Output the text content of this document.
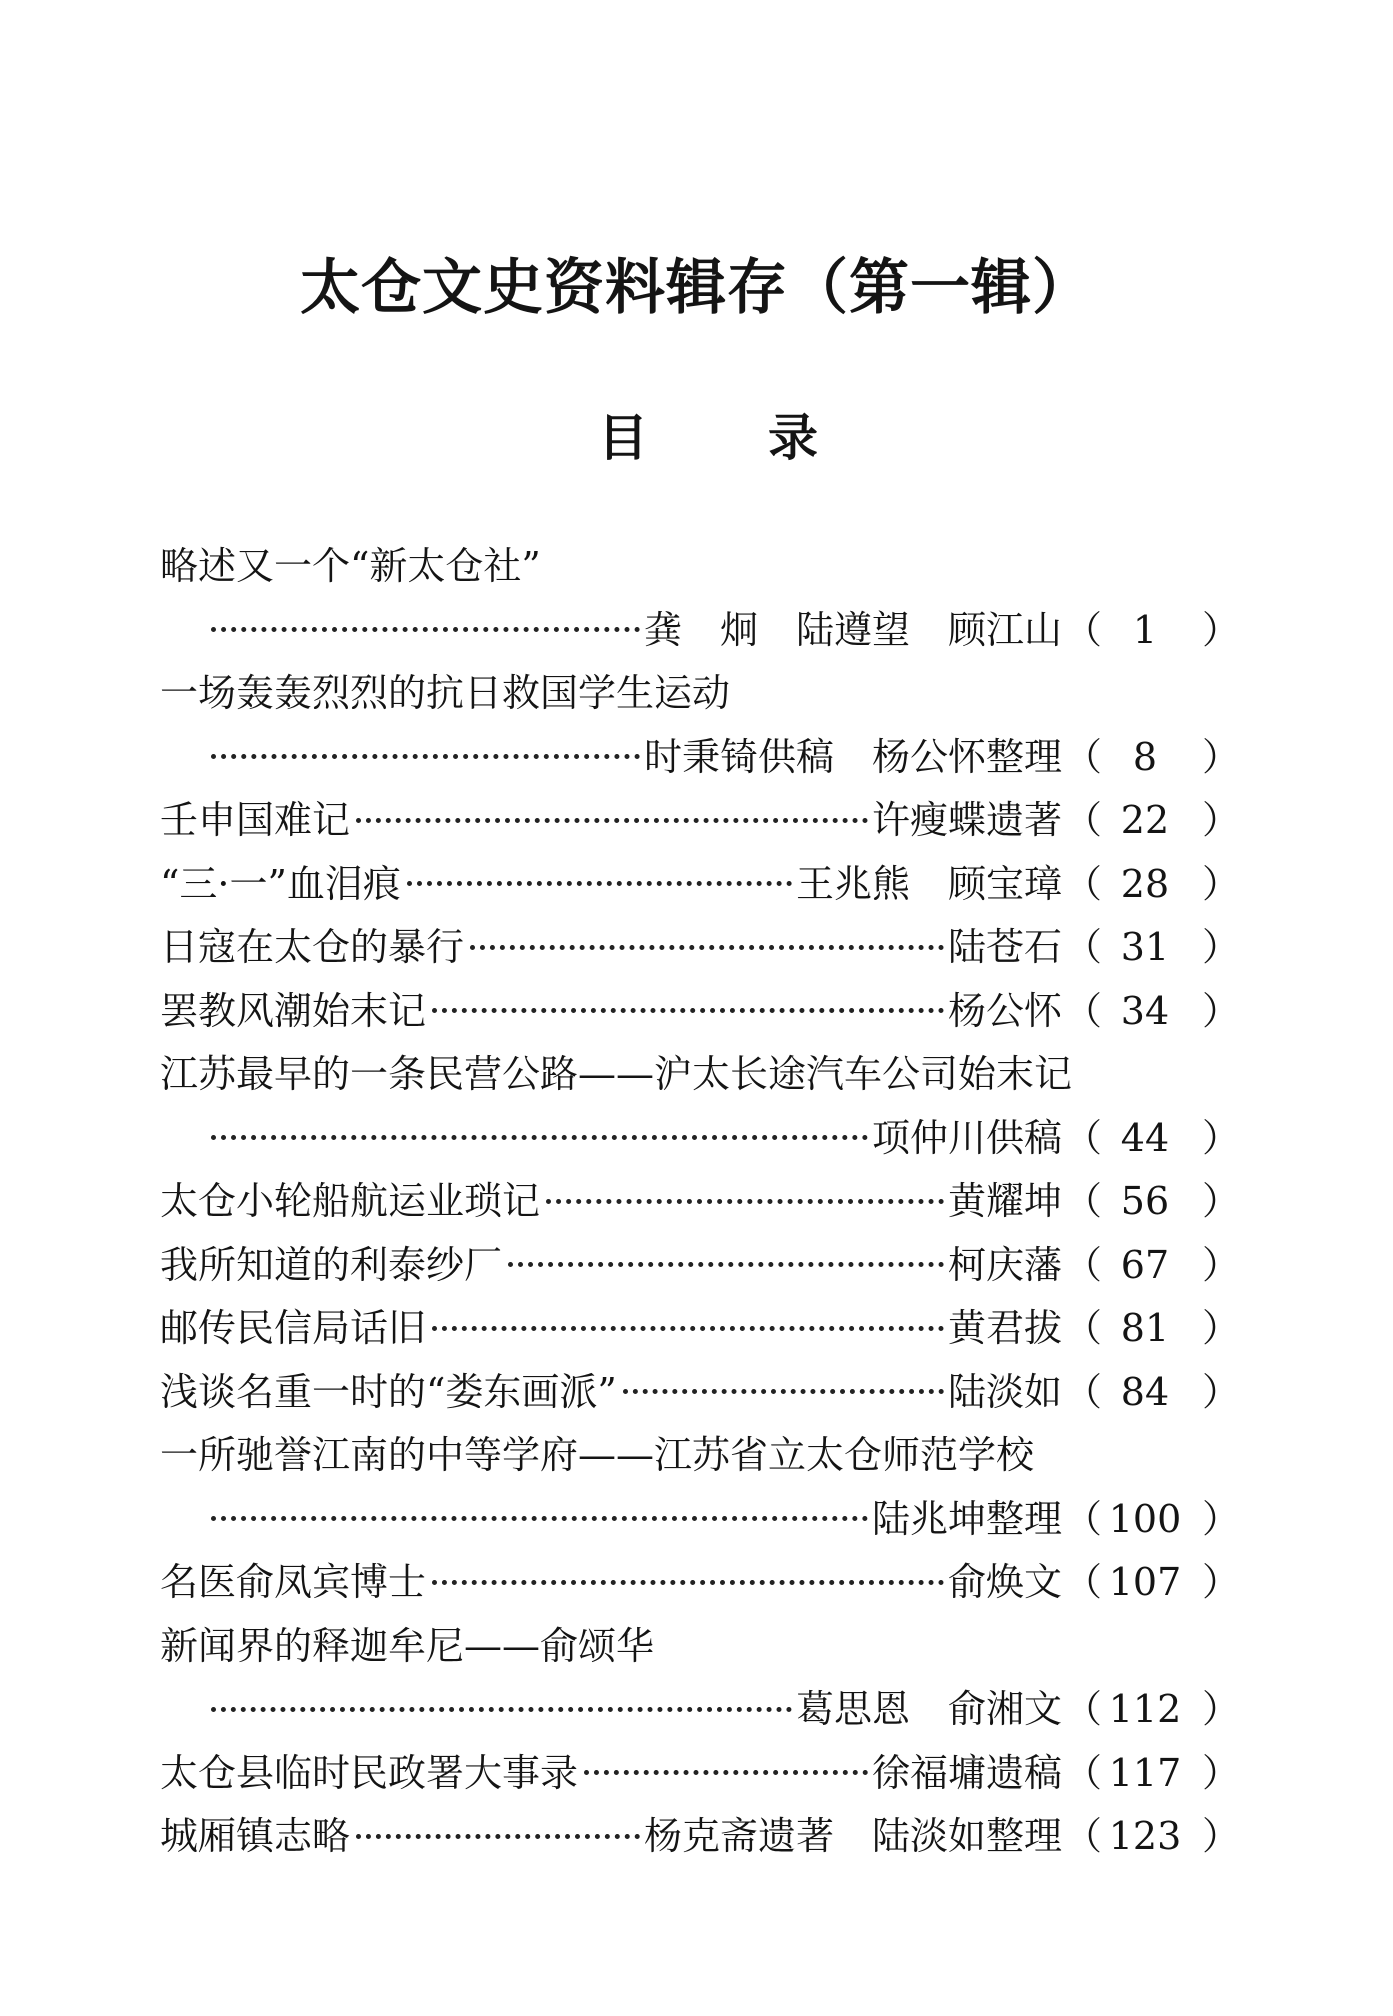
太仓文史资料辑存（第一辑）
目 录
略述又一个“新太仓社”
龚　炯　陆遵望　顾江山 （ 1	）
一场轰轰烈烈的抗日救国学生运动
时秉锜供稿　杨公怀整理 （ 8	）
壬申国难记	许瘦蝶遗著 （ 22 ）
“三·一”血泪痕	王兆熊　顾宝璋 （ 28 ）
日寇在太仓的暴行	陆苍石 （ 31 ）
罢教风潮始末记	杨公怀 （ 34 ）
江苏最早的一条民营公路——沪太长途汽车公司始末记
项仲川供稿 （ 44 ）
太仓小轮船航运业琐记	黄耀坤 （ 56 ）
我所知道的利泰纱厂	柯庆藩 （ 67 ）
邮传民信局话旧	黄君拔 （ 81 ）
浅谈名重一时的“娄东画派”	陆淡如 （ 84 ）
一所驰誉江南的中等学府——江苏省立太仓师范学校
陆兆坤整理 （ 100 ）
名医俞凤宾博士	俞焕文 （ 107 ）
新闻界的释迦牟尼——俞颂华
葛思恩　俞湘文 （ 112 ）
太仓县临时民政署大事录	徐福墉遗稿 （ 117 ）
城厢镇志略	杨克斋遗著　陆淡如整理 （ 123 ）
